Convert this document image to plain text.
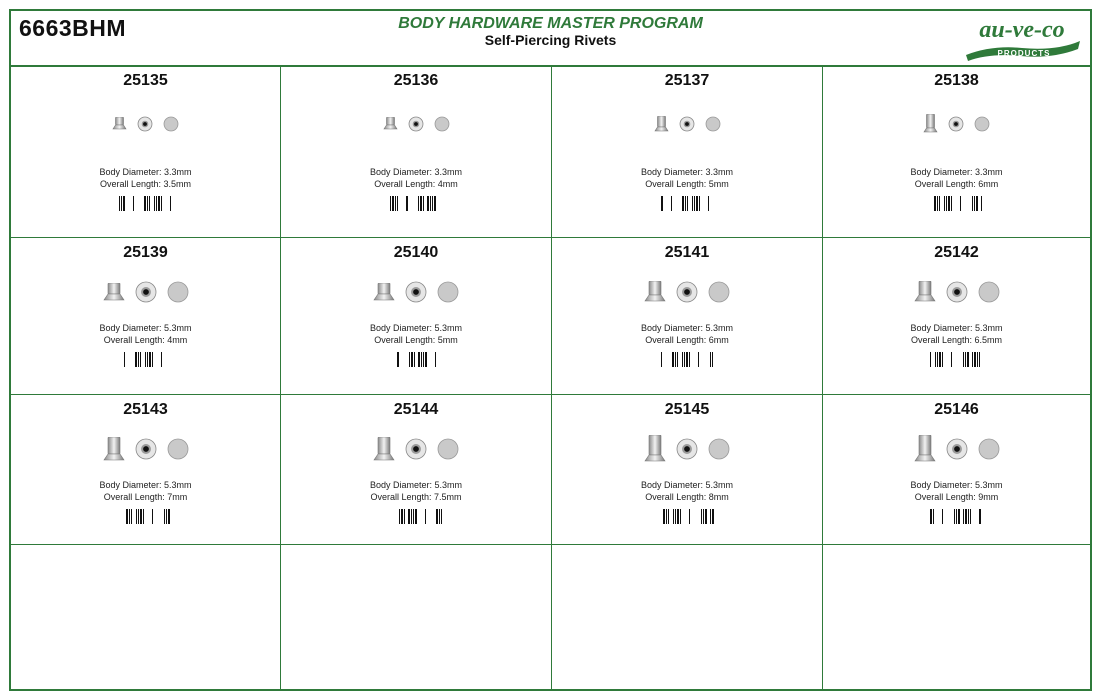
6663BHM	BODY HARDWARE MASTER PROGRAM
Self-Piercing Rivets	au-ve-co
PRODUCTS
25135
Body Diameter: 3.3mm
Overall Length: 3.5mm
25136
Body Diameter: 3.3mm
Overall Length: 4mm
25137
Body Diameter: 3.3mm
Overall Length: 5mm
25138
Body Diameter: 3.3mm
Overall Length: 6mm
25139
Body Diameter: 5.3mm
Overall Length: 4mm
25140
Body Diameter: 5.3mm
Overall Length: 5mm
25141
Body Diameter: 5.3mm
Overall Length: 6mm
25142
Body Diameter: 5.3mm
Overall Length: 6.5mm
25143
Body Diameter: 5.3mm
Overall Length: 7mm
25144
Body Diameter: 5.3mm
Overall Length: 7.5mm
25145
Body Diameter: 5.3mm
Overall Length: 8mm
25146
Body Diameter: 5.3mm
Overall Length: 9mm
